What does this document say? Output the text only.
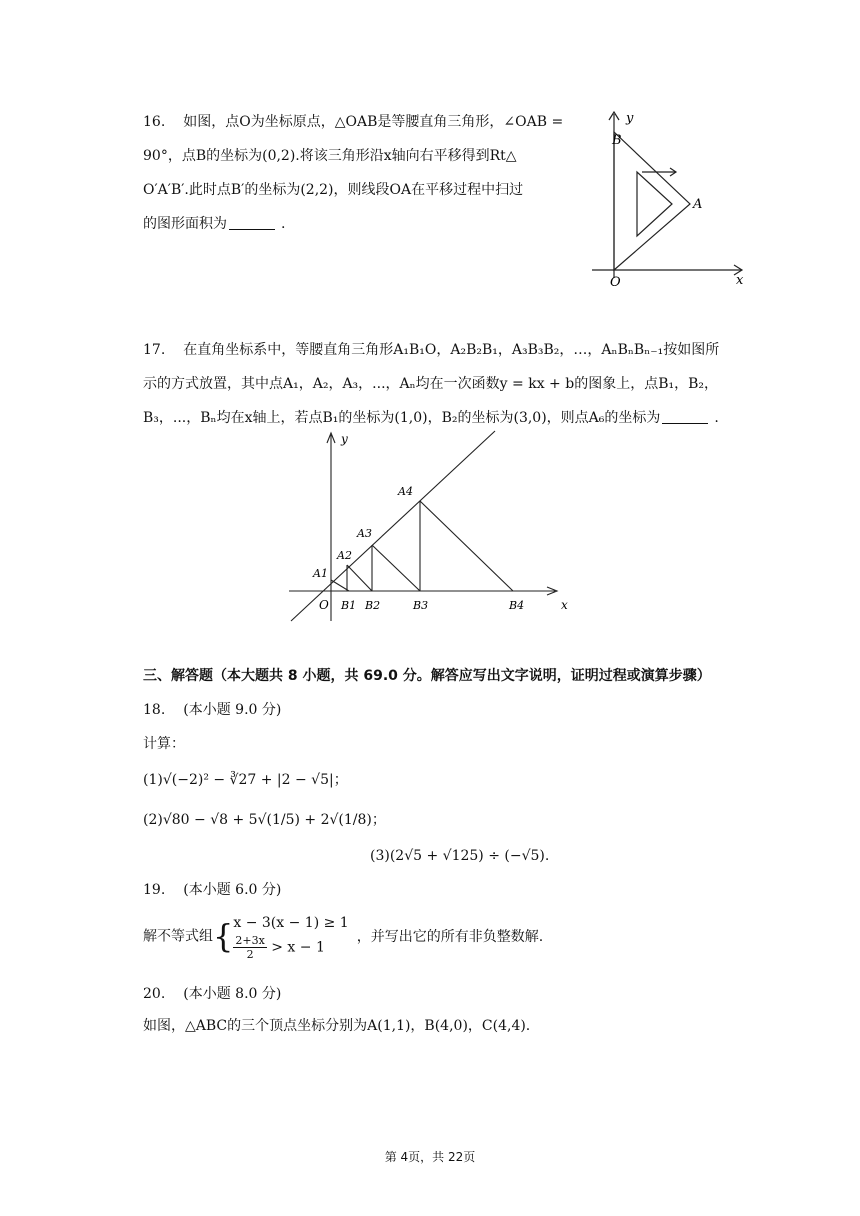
16. 如图，点O为坐标原点，△OAB是等腰直角三角形，∠OAB =
90°，点B的坐标为(0,2).将该三角形沿x轴向右平移得到Rt△
O′A′B′.此时点B′的坐标为(2,2)，则线段OA在平移过程中扫过
的图形面积为	.
y
x
B
A
O
17. 在直角坐标系中，等腰直角三角形A₁B₁O，A₂B₂B₁，A₃B₃B₂，…，AₙBₙBₙ₋₁按如图所
示的方式放置，其中点A₁，A₂，A₃，...，Aₙ均在一次函数y = kx + b的图象上，点B₁，B₂，
B₃，...，Bₙ均在x轴上，若点B₁的坐标为(1,0)，B₂的坐标为(3,0)，则点A₆的坐标为	.
y
x
O
A1
A2
A3
A4
B1 B2	B3	B4
三、解答题（本大题共 8 小题，共 69.0 分。解答应写出文字说明，证明过程或演算步骤）
18. (本小题 9.0 分)
计算：
(1)√(−2)² − ∛27 + |2 − √5|；
(2)√80 − √8 + 5√(1/5) + 2√(1/8)；
(3)(2√5 + √125) ÷ (−√5).
19. (本小题 6.0 分)
解不等式组{ x − 3(x − 1) ≥ 1
$\frac{2+3x}{2} > x - 1$
，并写出它的所有非负整数解.
20. (本小题 8.0 分)
如图，△ABC的三个顶点坐标分别为A(1,1)，B(4,0)，C(4,4).
第 4页，共 22页
